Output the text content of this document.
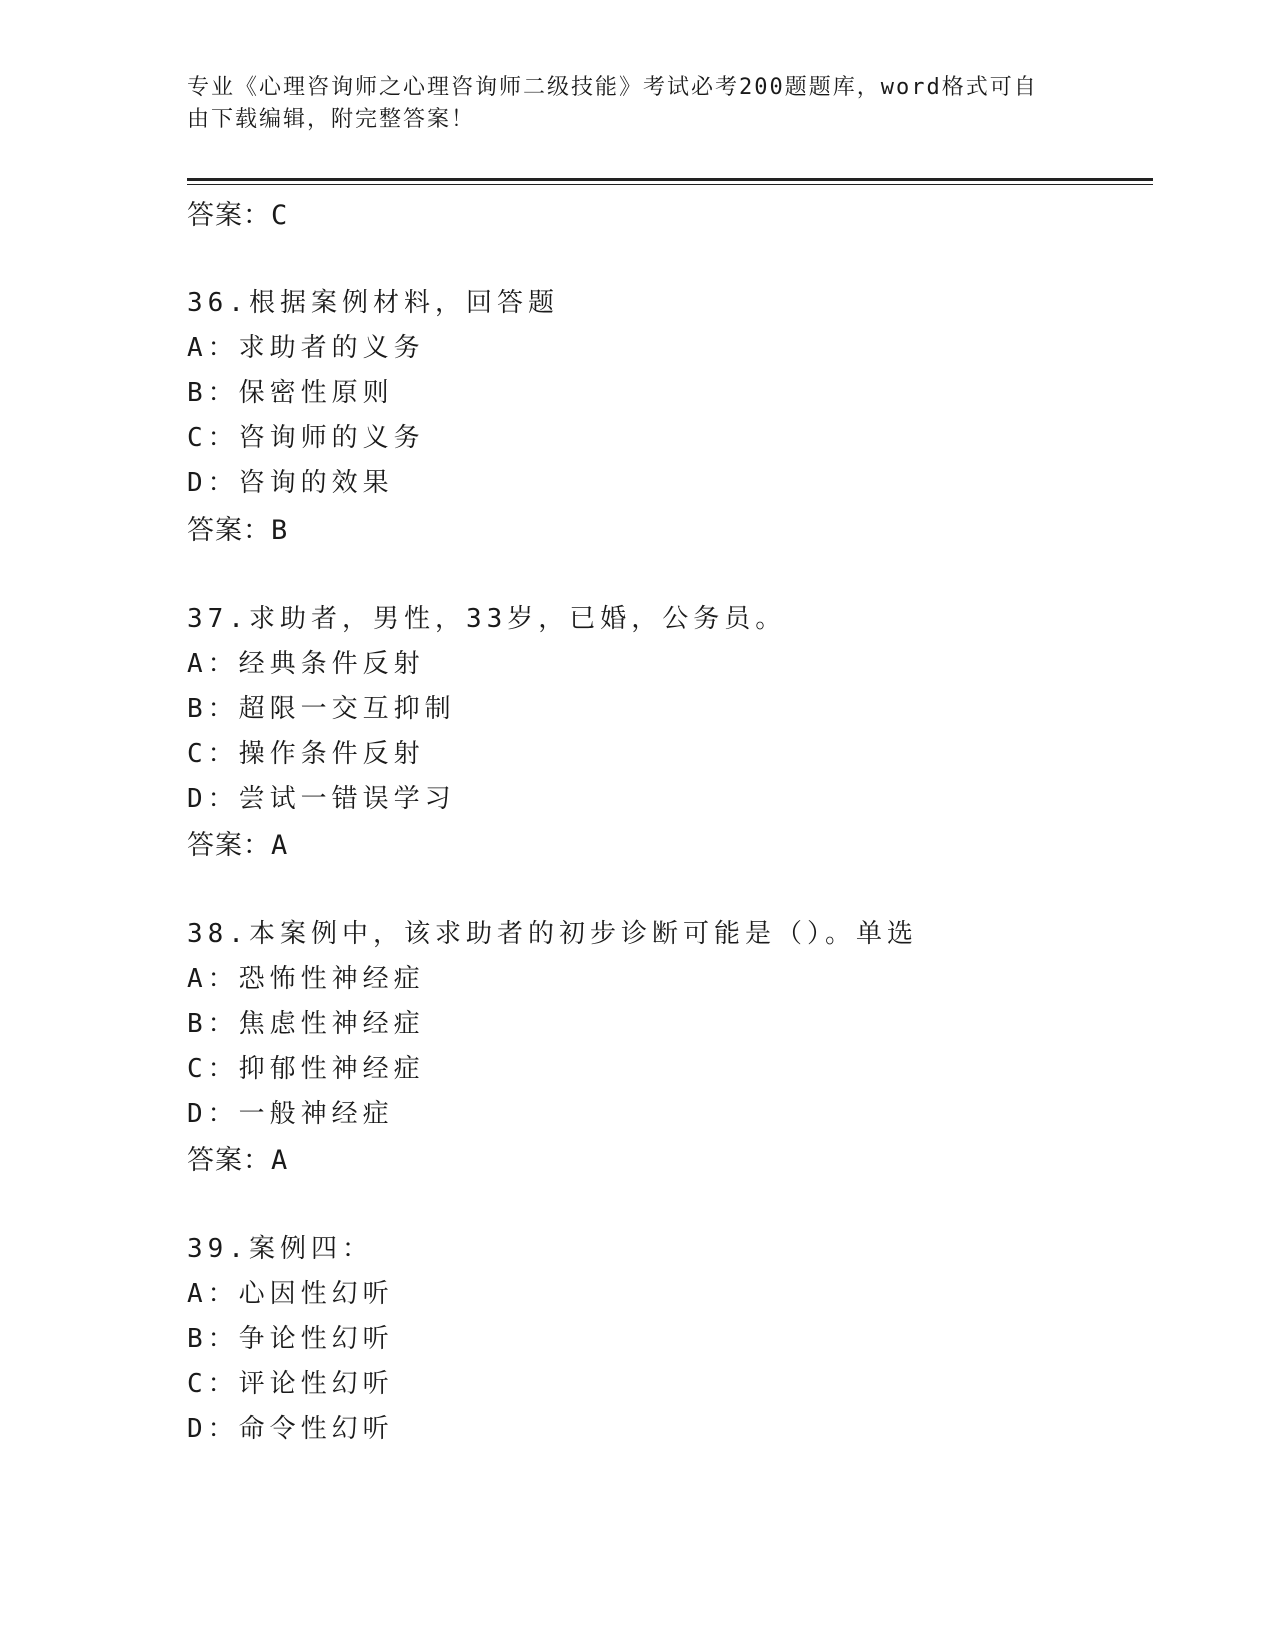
专业《心理咨询师之心理咨询师二级技能》考试必考200题题库，word格式可自
由下载编辑，附完整答案！
答案：C
36.根据案例材料，回答题
A：求助者的义务
B：保密性原则
C：咨询师的义务
D：咨询的效果
答案：B
37.求助者，男性，33岁，已婚，公务员。
A：经典条件反射
B：超限一交互抑制
C：操作条件反射
D：尝试一错误学习
答案：A
38.本案例中，该求助者的初步诊断可能是（）。单选
A：恐怖性神经症
B：焦虑性神经症
C：抑郁性神经症
D：一般神经症
答案：A
39.案例四：
A：心因性幻听
B：争论性幻听
C：评论性幻听
D：命令性幻听
